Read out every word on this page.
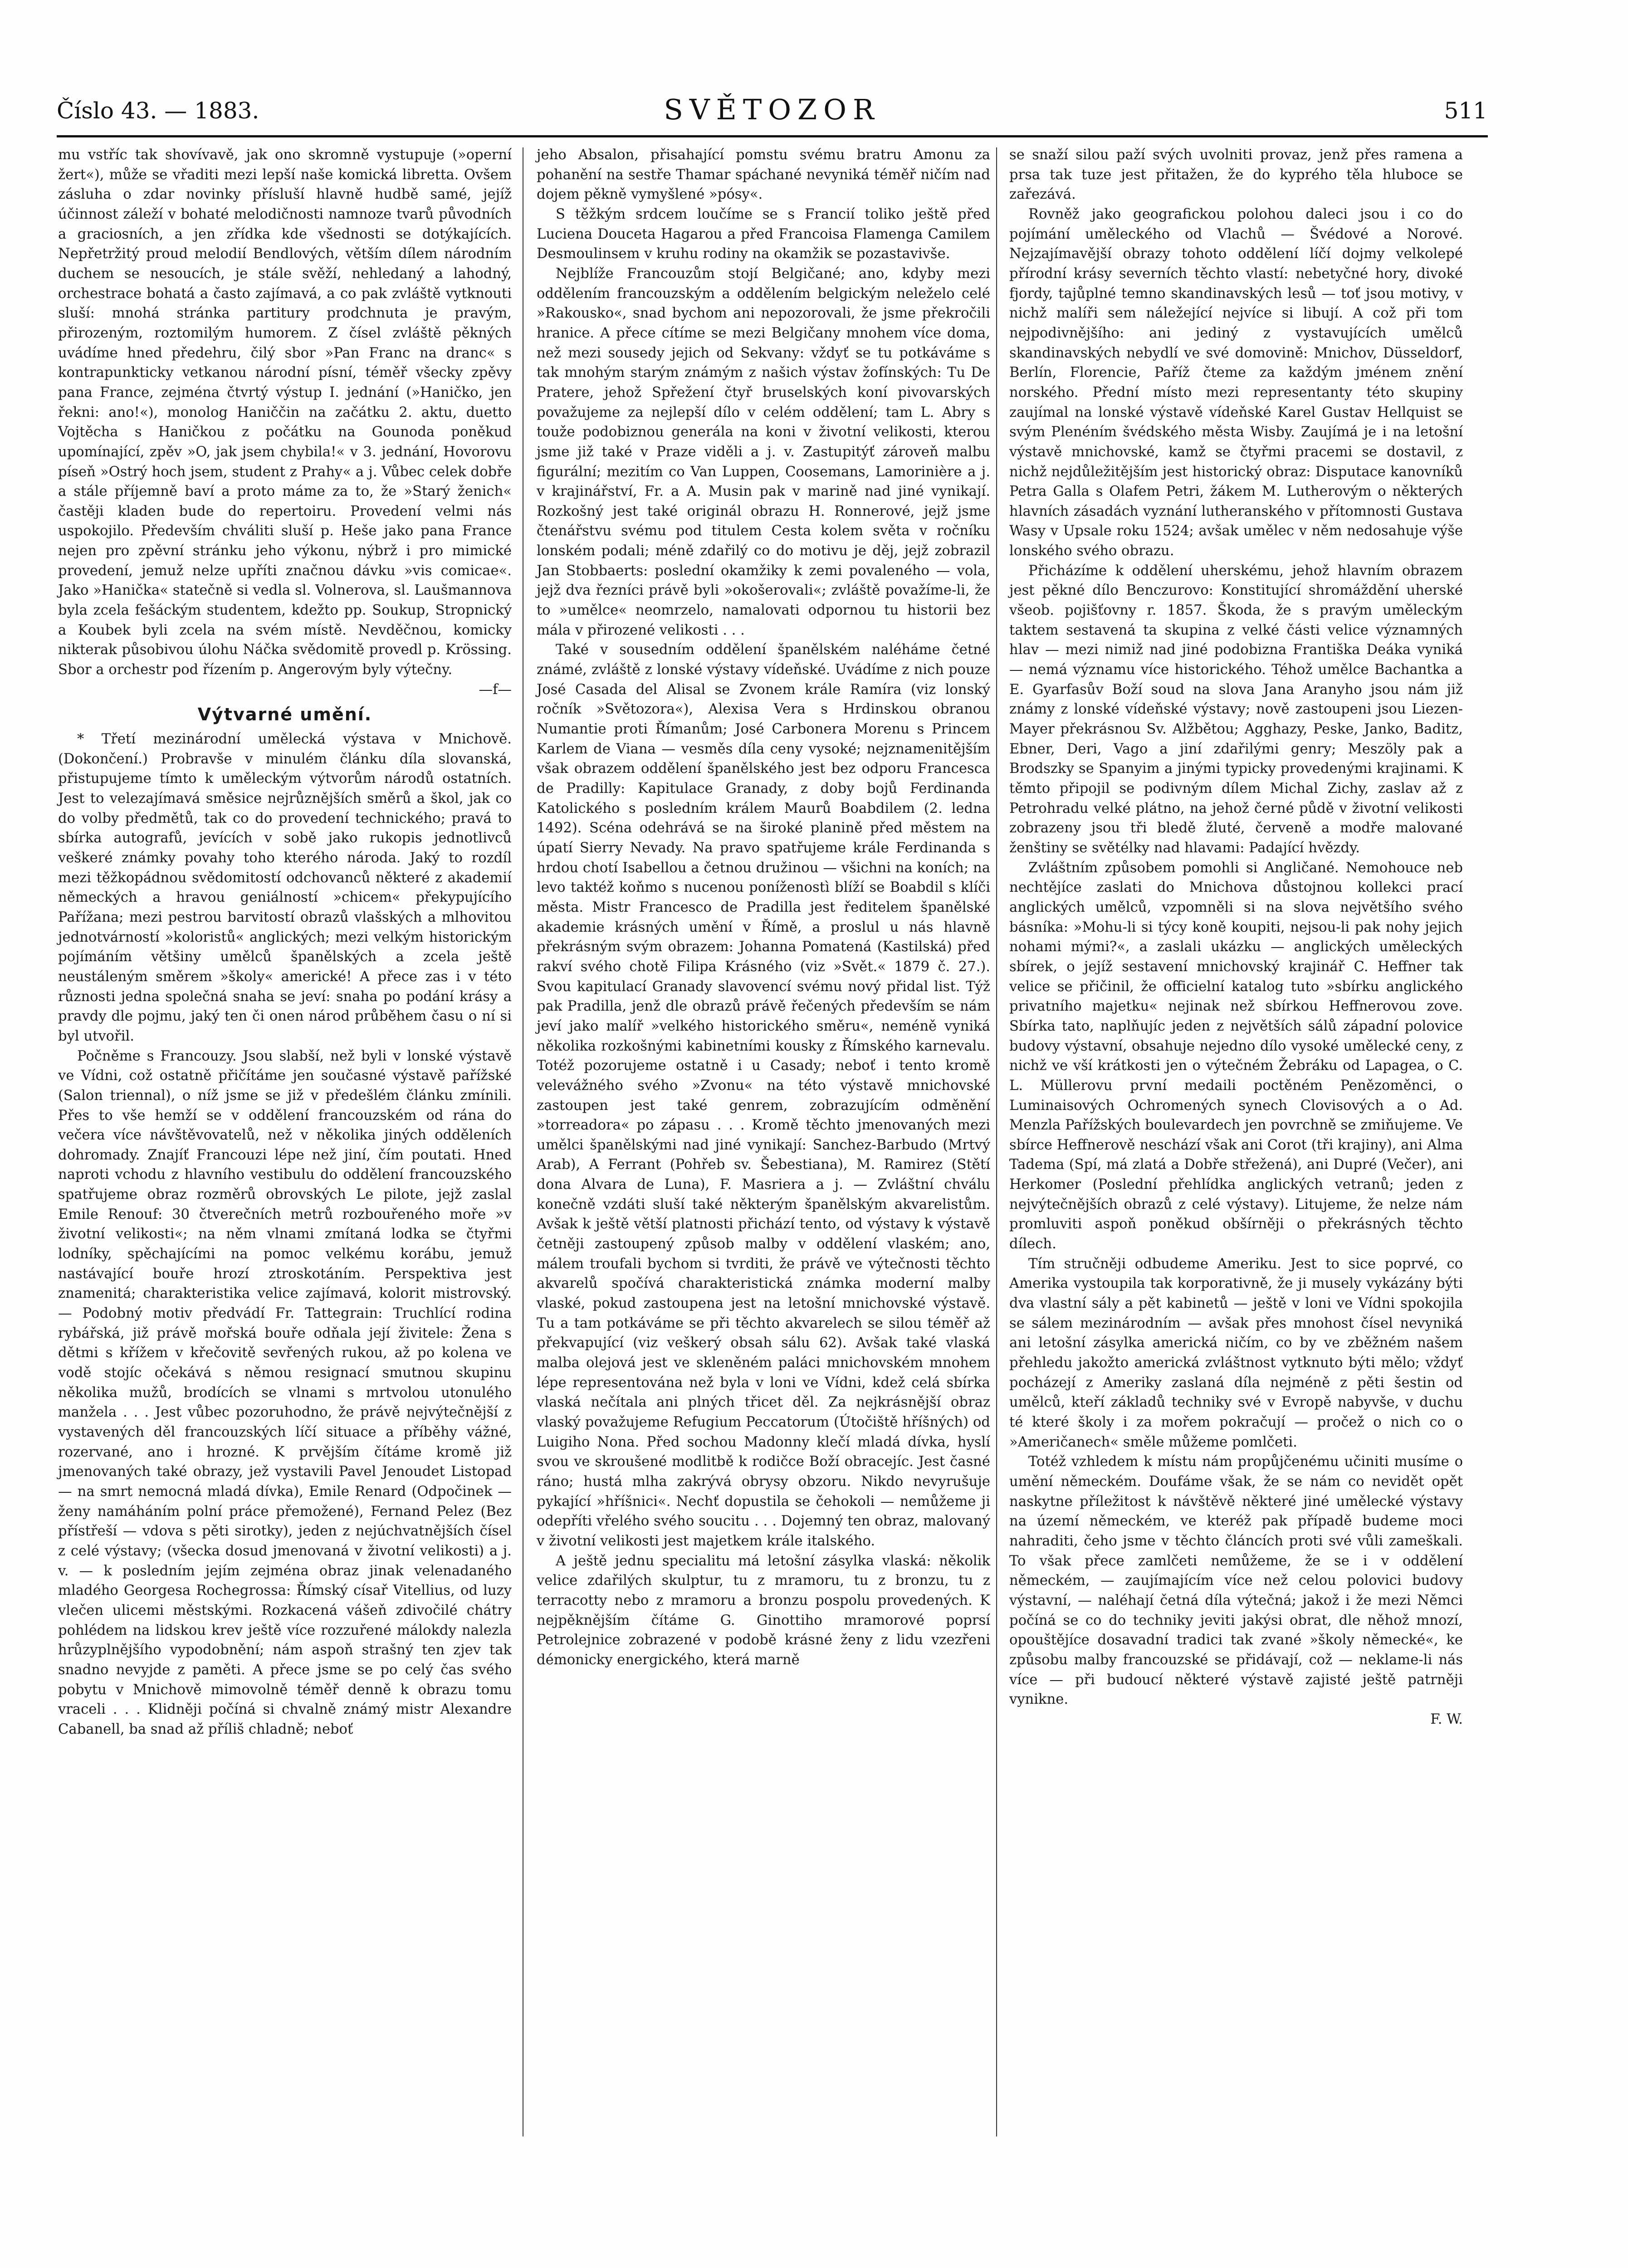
Číslo 43. — 1883.	SVĚTOZOR	511

mu vstříc tak shovívavě, jak ono skromně vystupuje (»operní žert«), může se vřaditi mezi lepší naše komická libretta. Ovšem zásluha o zdar novinky přísluší hlavně hudbě samé, jejíž účinnost záleží v bohaté melodičnosti namnoze tvarů původních a graciosních, a jen zřídka kde všednosti se dotýkajících. Nepřetržitý proud melodií Bendlových, větším dílem národním duchem se nesoucích, je stále svěží, nehledaný a lahodný, orchestrace bohatá a často zajímavá, a co pak zvláště vytknouti sluší: mnohá stránka partitury prodchnuta je pravým, přirozeným, roztomilým humorem. Z čísel zvláště pěkných uvádíme hned předehru, čilý sbor »Pan Franc na dranc« s kontrapunkticky vetkanou národní písní, téměř všecky zpěvy pana France, zejména čtvrtý výstup I. jednání (»Haničko, jen řekni: ano!«), monolog Haniččin na začátku 2. aktu, duetto Vojtěcha s Haničkou z počátku na Gounoda poněkud upomínající, zpěv »O, jak jsem chybila!« v 3. jednání, Hovorovu píseň »Ostrý hoch jsem, student z Prahy« a j. Vůbec celek dobře a stále příjemně baví a proto máme za to, že »Starý ženich« častěji kladen bude do repertoiru. Provedení velmi nás uspokojilo. Především chváliti sluší p. Heše jako pana France nejen pro zpěvní stránku jeho výkonu, nýbrž i pro mimické provedení, jemuž nelze upříti značnou dávku »vis comicae«. Jako »Hanička« statečně si vedla sl. Volnerova, sl. Laušmannova byla zcela fešáckým studentem, kdežto pp. Soukup, Stropnický a Koubek byli zcela na svém místě. Nevděčnou, komicky nikterak působivou úlohu Náčka svědomitě provedl p. Krössing. Sbor a orchestr pod řízením p. Angerovým byly výtečny.

—f—

Výtvarné umění.

* Třetí mezinárodní umělecká výstava v Mnichově. (Dokončení.) Probravše v minulém článku díla slovanská, přistupujeme tímto k uměleckým výtvorům národů ostatních. Jest to velezajímavá směsice nejrůznějších směrů a škol, jak co do volby předmětů, tak co do provedení technického; pravá to sbírka autografů, jevících v sobě jako rukopis jednotlivců veškeré známky povahy toho kterého národa. Jaký to rozdíl mezi těžkopádnou svědomitostí odchovanců některé z akademií německých a hravou geniálností »chicem« překypujícího Pařížana; mezi pestrou barvitostí obrazů vlašských a mlhovitou jednotvárností »koloristů« anglických; mezi velkým historickým pojímáním většiny umělců španělských a zcela ještě neustáleným směrem »školy« americké! A přece zas i v této různosti jedna společná snaha se jeví: snaha po podání krásy a pravdy dle pojmu, jaký ten či onen národ průběhem času o ní si byl utvořil.

Počněme s Francouzy. Jsou slabší, než byli v lonské výstavě ve Vídni, což ostatně přičítáme jen současné výstavě pařížské (Salon triennal), o níž jsme se již v předešlém článku zmínili. Přes to vše hemží se v oddělení francouzském od rána do večera více návštěvovatelů, než v několika jiných odděleních dohromady. Znajíť Francouzi lépe než jiní, čím poutati. Hned naproti vchodu z hlavního vestibulu do oddělení francouzského spatřujeme obraz rozměrů obrovských Le pilote, jejž zaslal Emile Renouf: 30 čtverečních metrů rozbouřeného moře »v životní velikosti«; na něm vlnami zmítaná lodka se čtyřmi lodníky, spěchajícími na pomoc velkému korábu, jemuž nastávající bouře hrozí ztroskotáním. Perspektiva jest znamenitá; charakteristika velice zajímavá, kolorit mistrovský. — Podobný motiv předvádí Fr. Tattegrain: Truchlící rodina rybářská, již právě mořská bouře odňala její živitele: Žena s dětmi s křížem v křečovitě sevřených rukou, až po kolena ve vodě stojíc očekává s němou resignací smutnou skupinu několika mužů, brodících se vlnami s mrtvolou utonulého manžela . . . Jest vůbec pozoruhodno, že právě nejvýtečnější z vystavených děl francouzských líčí situace a příběhy vážné, rozervané, ano i hrozné. K prvějším čítáme kromě již jmenovaných také obrazy, jež vystavili Pavel Jenoudet Listopad — na smrt nemocná mladá dívka), Emile Renard (Odpočinek — ženy namáháním polní práce přemožené), Fernand Pelez (Bez přístřeší — vdova s pěti sirotky), jeden z nejúchvatnějších čísel z celé výstavy; (všecka dosud jmenovaná v životní velikosti) a j. v. — k posledním jejím zejména obraz jinak velenadaného mladého Georgesa Rochegrossa: Římský císař Vitellius, od luzy vlečen ulicemi městskými. Rozkacená vášeň zdivočilé chátry pohlédem na lidskou krev ještě více rozzuřené málokdy nalezla hrůzyplnějšího vypodobnění; nám aspoň strašný ten zjev tak snadno nevyjde z paměti. A přece jsme se po celý čas svého pobytu v Mnichově mimovolně téměř denně k obrazu tomu vraceli . . . Klidněji počíná si chvalně známý mistr Alexandre Cabanell, ba snad až příliš chladně; neboť

jeho Absalon, přisahající pomstu svému bratru Amonu za pohanění na sestře Thamar spáchané nevyniká téměř ničím nad dojem pěkně vymyšlené »pósy«.

S těžkým srdcem loučíme se s Francií toliko ještě před Luciena Douceta Hagarou a před Francoisa Flamenga Camilem Desmoulinsem v kruhu rodiny na okamžik se pozastavivše.

Nejblíže Francouzům stojí Belgičané; ano, kdyby mezi oddělením francouzským a oddělením belgickým neleželo celé »Rakousko«, snad bychom ani nepozorovali, že jsme překročili hranice. A přece cítíme se mezi Belgičany mnohem více doma, než mezi sousedy jejich od Sekvany: vždyť se tu potkáváme s tak mnohým starým známým z našich výstav žofínských: Tu De Pratere, jehož Spřežení čtyř bruselských koní pivovarských považujeme za nejlepší dílo v celém oddělení; tam L. Abry s touže podobiznou generála na koni v životní velikosti, kterou jsme již také v Praze viděli a j. v. Zastupitýť zároveň malbu figurální; mezitím co Van Luppen, Coosemans, Lamorinière a j. v krajinářství, Fr. a A. Musin pak v marině nad jiné vynikají. Rozkošný jest také originál obrazu H. Ronnerové, jejž jsme čtenářstvu svému pod titulem Cesta kolem světa v ročníku lonském podali; méně zdařilý co do motivu je děj, jejž zobrazil Jan Stobbaerts: poslední okamžiky k zemi povaleného — vola, jejž dva řezníci právě byli »okošerovali«; zvláště považíme-li, že to »umělce« neomrzelo, namalovati odpornou tu historii bez mála v přirozené velikosti . . .

Také v sousedním oddělení španělském naléháme četné známé, zvláště z lonské výstavy vídeňské. Uvádíme z nich pouze José Casada del Alisal se Zvonem krále Ramíra (viz lonský ročník »Světozora«), Alexisa Vera s Hrdinskou obranou Numantie proti Římanům; José Carbonera Morenu s Princem Karlem de Viana — vesměs díla ceny vysoké; nejznamenitějším však obrazem oddělení španělského jest bez odporu Francesca de Pradilly: Kapitulace Granady, z doby bojů Ferdinanda Katolického s posledním králem Maurů Boabdilem (2. ledna 1492). Scéna odehrává se na široké planině před městem na úpatí Sierry Nevady. Na pravo spatřujeme krále Ferdinanda s hrdou chotí Isabellou a četnou družinou — všichni na koních; na levo taktéž koňmo s nucenou poníženostì blíží se Boabdil s klíči města. Mistr Francesco de Pradilla jest ředitelem španělské akademie krásných umění v Římě, a proslul u nás hlavně překrásným svým obrazem: Johanna Pomatená (Kastilská) před rakví svého chotě Filipa Krásného (viz »Svět.« 1879 č. 27.). Svou kapitulací Granady slavovencí svému nový přidal list. Týž pak Pradilla, jenž dle obrazů právě řečených především se nám jeví jako malíř »velkého historického směru«, neméně vyniká několika rozkošnými kabinetními kousky z Římského karnevalu. Totéž pozorujeme ostatně i u Casady; neboť i tento kromě velevážného svého »Zvonu« na této výstavě mnichovské zastoupen jest také genrem, zobrazujícím odměnění »torreadora« po zápasu . . . Kromě těchto jmenovaných mezi umělci španělskými nad jiné vynikají: Sanchez-Barbudo (Mrtvý Arab), A Ferrant (Pohřeb sv. Šebestiana), M. Ramirez (Stětí dona Alvara de Luna), F. Masriera a j. — Zvláštní chválu konečně vzdáti sluší také některým španělským akvarelistům. Avšak k ještě větší platnosti přichází tento, od výstavy k výstavě četněji zastoupený způsob malby v oddělení vlaském; ano, málem troufali bychom si tvrditi, že právě ve výtečnosti těchto akvarelů spočívá charakteristická známka moderní malby vlaské, pokud zastoupena jest na letošní mnichovské výstavě. Tu a tam potkáváme se při těchto akvarelech se silou téměř až překvapující (viz veškerý obsah sálu 62). Avšak také vlaská malba olejová jest ve skleněném paláci mnichovském mnohem lépe representována než byla v loni ve Vídni, kdež celá sbírka vlaská nečítala ani plných třicet děl. Za nejkrásnější obraz vlaský považujeme Refugium Peccatorum (Útočiště hříšných) od Luigiho Nona. Před sochou Madonny klečí mladá dívka, hyslí svou ve skroušené modlitbě k rodičce Boží obracejíc. Jest časné ráno; hustá mlha zakrývá obrysy obzoru. Nikdo nevyrušuje pykající »hříšnici«. Nechť dopustila se čehokoli — nemůžeme ji odepříti vřelého svého soucitu . . . Dojemný ten obraz, malovaný v životní velikosti jest majetkem krále italského.

A ještě jednu specialitu má letošní zásylka vlaská: několik velice zdařilých skulptur, tu z mramoru, tu z bronzu, tu z terracotty nebo z mramoru a bronzu pospolu provedených. K nejpěknějším čítáme G. Ginottiho mramorové poprsí Petrolejnice zobrazené v podobě krásné ženy z lidu vzezřeni démonicky energického, která marně

se snaží silou paží svých uvolniti provaz, jenž přes ramena a prsa tak tuze jest přitažen, že do kyprého těla hluboce se zařezává.

Rovněž jako geografickou polohou daleci jsou i co do pojímání uměleckého od Vlachů — Švédové a Norové. Nejzajímavější obrazy tohoto oddělení líčí dojmy velkolepé přírodní krásy severních těchto vlastí: nebetyčné hory, divoké fjordy, tajůplné temno skandinavských lesů — toť jsou motivy, v nichž malíři sem náležející nejvíce si libují. A což při tom nejpodivnějšího: ani jediný z vystavujících umělců skandinavských nebydlí ve své domovině: Mnichov, Düsseldorf, Berlín, Florencie, Paříž čteme za každým jménem znění norského. Přední místo mezi representanty této skupiny zaujímal na lonské výstavě vídeňské Karel Gustav Hellquist se svým Plenéním švédského města Wisby. Zaujímá je i na letošní výstavě mnichovské, kamž se čtyřmi pracemi se dostavil, z nichž nejdůležitějším jest historický obraz: Disputace kanovníků Petra Galla s Olafem Petri, žákem M. Lutherovým o některých hlavních zásadách vyznání lutheranského v přítomnosti Gustava Wasy v Upsale roku 1524; avšak umělec v něm nedosahuje výše lonského svého obrazu.

Přicházíme k oddělení uherskému, jehož hlavním obrazem jest pěkné dílo Benczurovo: Konstitující shromáždění uherské všeob. pojišťovny r. 1857. Škoda, že s pravým uměleckým taktem sestavená ta skupina z velké části velice významných hlav — mezi nimiž nad jiné podobizna Františka Deáka vyniká — nemá významu více historického. Téhož umělce Bachantka a E. Gyarfasův Boží soud na slova Jana Aranyho jsou nám již známy z lonské vídeňské výstavy; nově zastoupeni jsou Liezen-Mayer překrásnou Sv. Alžbětou; Agghazy, Peske, Janko, Baditz, Ebner, Deri, Vago a jiní zdařilými genry; Meszöly pak a Brodszky se Spanyim a jinými typicky provedenými krajinami. K těmto připojil se podivným dílem Michal Zichy, zaslav až z Petrohradu velké plátno, na jehož černé půdě v životní velikosti zobrazeny jsou tři bledě žluté, červeně a modře malované ženštiny se světélky nad hlavami: Padající hvězdy.

Zvláštním způsobem pomohli si Angličané. Nemohouce neb nechtějíce zaslati do Mnichova důstojnou kollekci prací anglických umělců, vzpomněli si na slova největšího svého básníka: »Mohu-li si týcy koně koupiti, nejsou-li pak nohy jejich nohami mými?«, a zaslali ukázku — anglických uměleckých sbírek, o jejíž sestavení mnichovský krajinář C. Heffner tak velice se přičinil, že officielní katalog tuto »sbírku anglického privatního majetku« nejinak než sbírkou Heffnerovou zove. Sbírka tato, naplňujíc jeden z největších sálů západní polovice budovy výstavní, obsahuje nejedno dílo vysoké umělecké ceny, z nichž ve vší krátkosti jen o výtečném Žebráku od Lapagea, o C. L. Müllerovu první medaili poctěném Penězoměnci, o Luminaisových Ochromených synech Clovisových a o Ad. Menzla Pařížských boulevardech jen povrchně se zmiňujeme. Ve sbírce Heffnerově neschází však ani Corot (tři krajiny), ani Alma Tadema (Spí, má zlatá a Dobře střežená), ani Dupré (Večer), ani Herkomer (Poslední přehlídka anglických vetranů; jeden z nejvýtečnějších obrazů z celé výstavy). Litujeme, že nelze nám promluviti aspoň poněkud obšírněji o překrásných těchto dílech.

Tím stručněji odbudeme Ameriku. Jest to sice poprvé, co Amerika vystoupila tak korporativně, že ji musely vykázány býti dva vlastní sály a pět kabinetů — ještě v loni ve Vídni spokojila se sálem mezinárodním — avšak přes mnohost čísel nevyniká ani letošní zásylka americká ničím, co by ve zběžném našem přehledu jakožto americká zvláštnost vytknuto býti mělo; vždyť pocházejí z Ameriky zaslaná díla nejméně z pěti šestin od umělců, kteří základů techniky své v Evropě nabyvše, v duchu té které školy i za mořem pokračují — pročež o nich co o »Američanech« směle můžeme pomlčeti.

Totéž vzhledem k místu nám propůjčenému učiniti musíme o umění německém. Doufáme však, že se nám co nevidět opět naskytne příležitost k návštěvě některé jiné umělecké výstavy na území německém, ve kteréž pak případě budeme moci nahraditi, čeho jsme v těchto článcích proti své vůli zameškali. To však přece zamlčeti nemůžeme, že se i v oddělení německém, — zaujímajícím více než celou polovici budovy výstavní, — naléhají četná díla výtečná; jakož i že mezi Němci počíná se co do techniky jeviti jakýsi obrat, dle něhož mnozí, opouštějíce dosavadní tradici tak zvané »školy německé«, ke způsobu malby francouzské se přidávají, což — neklame-li nás více — při budoucí některé výstavě zajisté ještě patrněji vynikne.

F. W.
